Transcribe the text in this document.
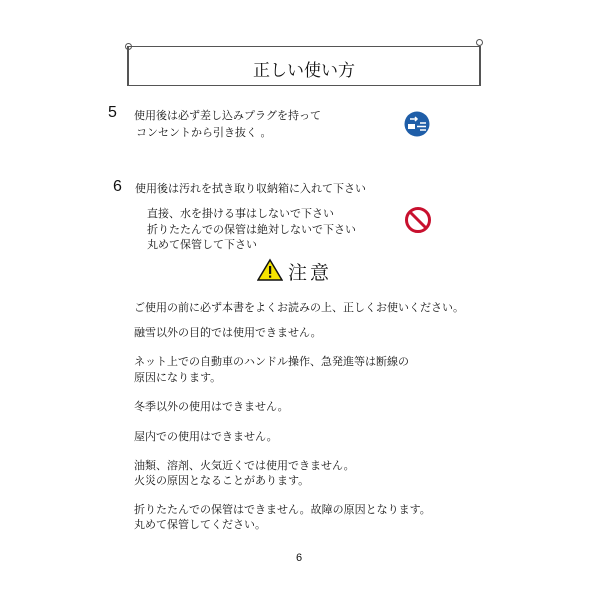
正しい使い方
5 使用後は必ず差し込みプラグを持って
コンセントから引き抜く 。
6 使用後は汚れを拭き取り収納箱に入れて下さい
直接、水を掛ける事はしないで下さい
折りたたんでの保管は絶対しないで下さい
丸めて保管して下さい
注意
ご使用の前に必ず本書をよくお読みの上、正しくお使いください。
融雪以外の目的では使用できません。
ネット上での自動車のハンドル操作、急発進等は断線の
原因になります。
冬季以外の使用はできません。
屋内での使用はできません。
油類、溶剤、火気近くでは使用できません。
火災の原因となることがあります。
折りたたんでの保管はできません。故障の原因となります。
丸めて保管してください。
6
